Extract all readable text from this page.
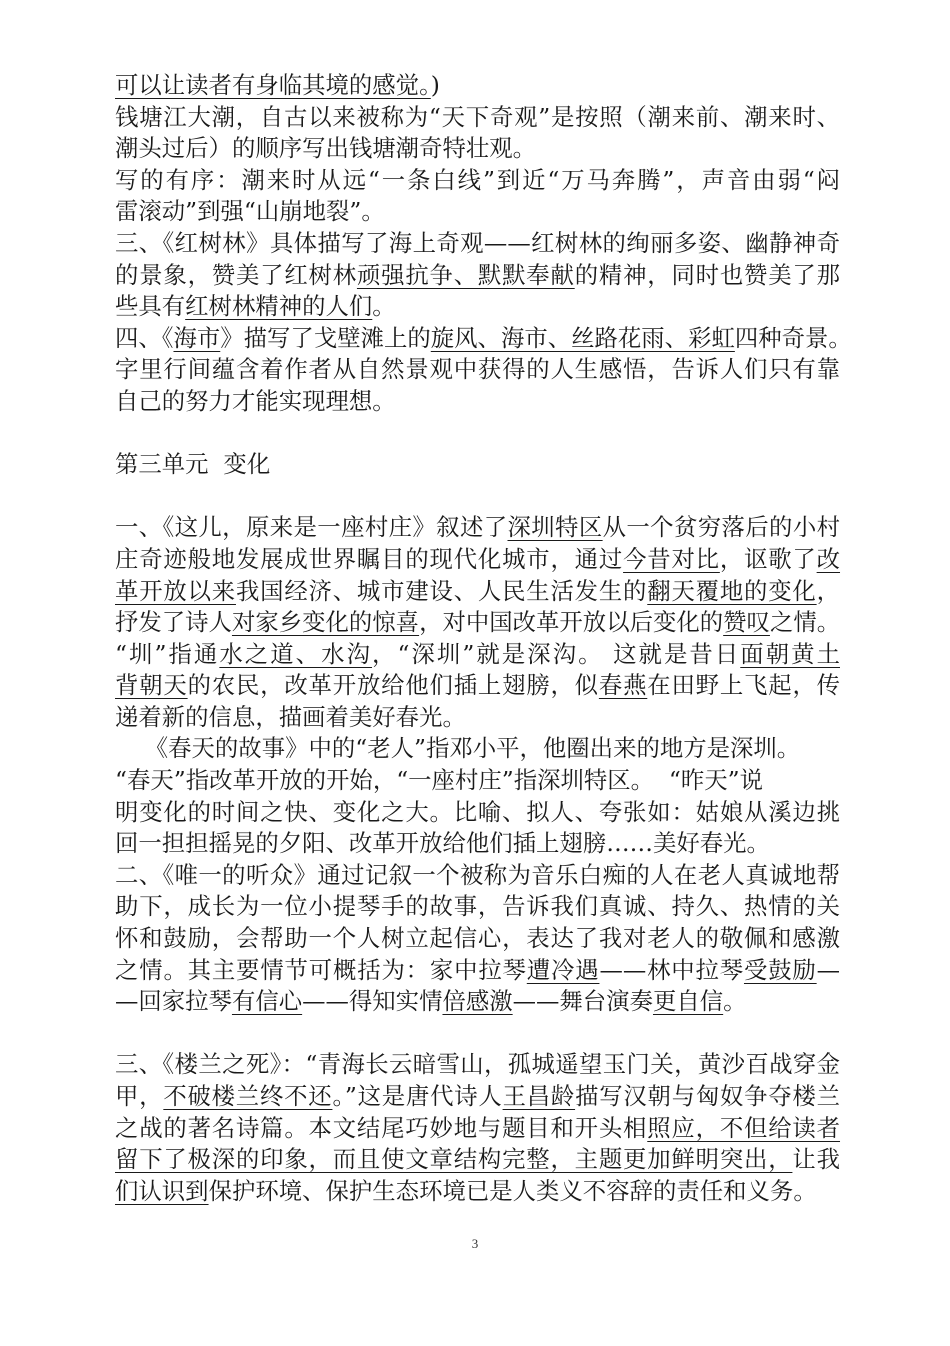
可以让读者有身临其境的感觉。)
钱塘江大潮，自古以来被称为“天下奇观”是按照（潮来前、潮来时、
潮头过后）的顺序写出钱塘潮奇特壮观。
写的有序：潮来时从远“一条白线”到近“万马奔腾”，声音由弱“闷
雷滚动”到强“山崩地裂”。
三、《红树林》具体描写了海上奇观——红树林的绚丽多姿、幽静神奇
的景象，赞美了红树林顽强抗争、默默奉献的精神，同时也赞美了那
些具有红树林精神的人们。
四、《海市》描写了戈壁滩上的旋风、海市、丝路花雨、彩虹四种奇景。
字里行间蕴含着作者从自然景观中获得的人生感悟，告诉人们只有靠
自己的努力才能实现理想。
第三单元  变化
一、《这儿，原来是一座村庄》叙述了深圳特区从一个贫穷落后的小村
庄奇迹般地发展成世界瞩目的现代化城市，通过今昔对比，讴歌了改
革开放以来我国经济、城市建设、人民生活发生的翻天覆地的变化，
抒发了诗人对家乡变化的惊喜，对中国改革开放以后变化的赞叹之情。
“圳”指通水之道、水沟，“深圳”就是深沟。 这就是昔日面朝黄土
背朝天的农民，改革开放给他们插上翅膀，似春燕在田野上飞起，传
递着新的信息，描画着美好春光。
《春天的故事》中的“老人”指邓小平，他圈出来的地方是深圳。
“春天”指改革开放的开始，“一座村庄”指深圳特区。  “昨天”说
明变化的时间之快、变化之大。比喻、拟人、夸张如：姑娘从溪边挑
回一担担摇晃的夕阳、改革开放给他们插上翅膀……美好春光。
二、《唯一的听众》通过记叙一个被称为音乐白痴的人在老人真诚地帮
助下，成长为一位小提琴手的故事，告诉我们真诚、持久、热情的关
怀和鼓励，会帮助一个人树立起信心，表达了我对老人的敬佩和感激
之情。其主要情节可概括为：家中拉琴遭冷遇——林中拉琴受鼓励—
—回家拉琴有信心——得知实情倍感激——舞台演奏更自信。
三、《楼兰之死》：“青海长云暗雪山，孤城遥望玉门关，黄沙百战穿金
甲，不破楼兰终不还。”这是唐代诗人王昌龄描写汉朝与匈奴争夺楼兰
之战的著名诗篇。本文结尾巧妙地与题目和开头相照应，不但给读者
留下了极深的印象，而且使文章结构完整，主题更加鲜明突出，让我
们认识到保护环境、保护生态环境已是人类义不容辞的责任和义务。
3
